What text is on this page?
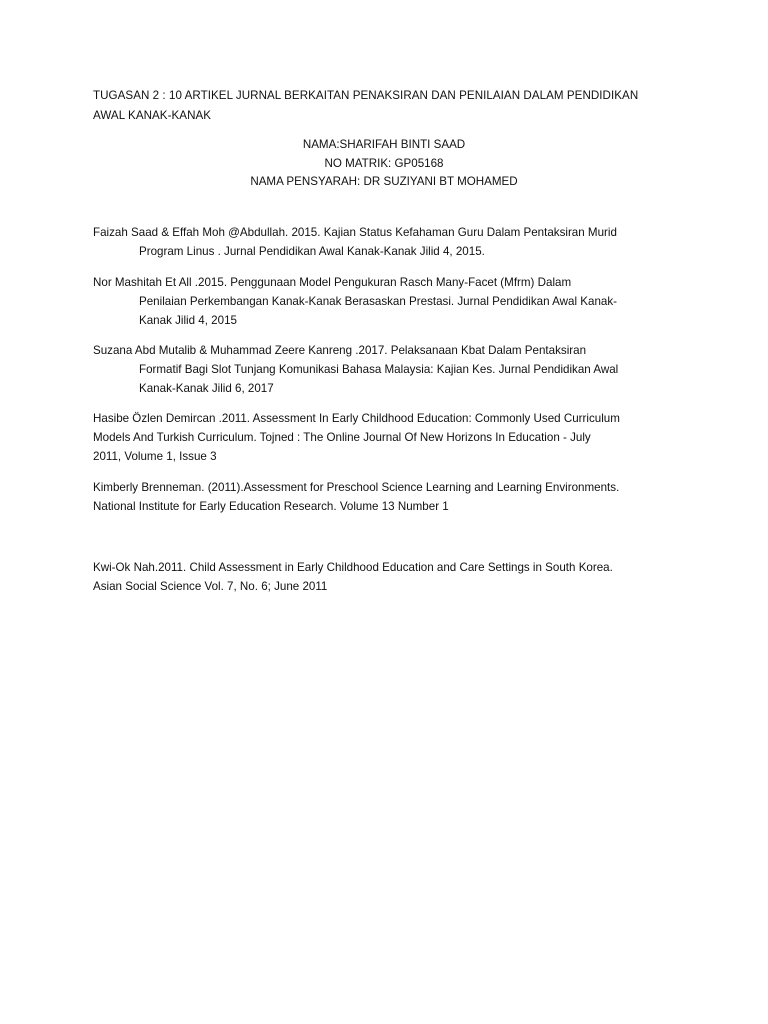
TUGASAN 2 : 10 ARTIKEL JURNAL BERKAITAN PENAKSIRAN DAN PENILAIAN DALAM PENDIDIKAN
AWAL KANAK-KANAK
NAMA:SHARIFAH BINTI SAAD
NO MATRIK: GP05168
NAMA PENSYARAH: DR SUZIYANI BT MOHAMED
Faizah Saad & Effah Moh @Abdullah. 2015. Kajian Status Kefahaman Guru Dalam Pentaksiran Murid
Program Linus . Jurnal Pendidikan Awal Kanak-Kanak Jilid 4, 2015.
Nor Mashitah Et All .2015. Penggunaan Model Pengukuran Rasch Many-Facet (Mfrm) Dalam
Penilaian Perkembangan Kanak-Kanak Berasaskan Prestasi. Jurnal Pendidikan Awal Kanak-
Kanak Jilid 4, 2015
Suzana Abd Mutalib & Muhammad Zeere Kanreng .2017. Pelaksanaan Kbat Dalam Pentaksiran
Formatif Bagi Slot Tunjang Komunikasi Bahasa Malaysia: Kajian Kes. Jurnal Pendidikan Awal
Kanak-Kanak Jilid 6, 2017
Hasibe Özlen Demircan .2011. Assessment In Early Childhood Education: Commonly Used Curriculum
Models And Turkish Curriculum. Tojned : The Online Journal Of New Horizons In Education - July
2011, Volume 1, Issue 3
Kimberly Brenneman. (2011).Assessment for Preschool Science Learning and Learning Environments.
National Institute for Early Education Research. Volume 13 Number 1
Kwi-Ok Nah.2011. Child Assessment in Early Childhood Education and Care Settings in South Korea.
Asian Social Science Vol. 7, No. 6; June 2011
